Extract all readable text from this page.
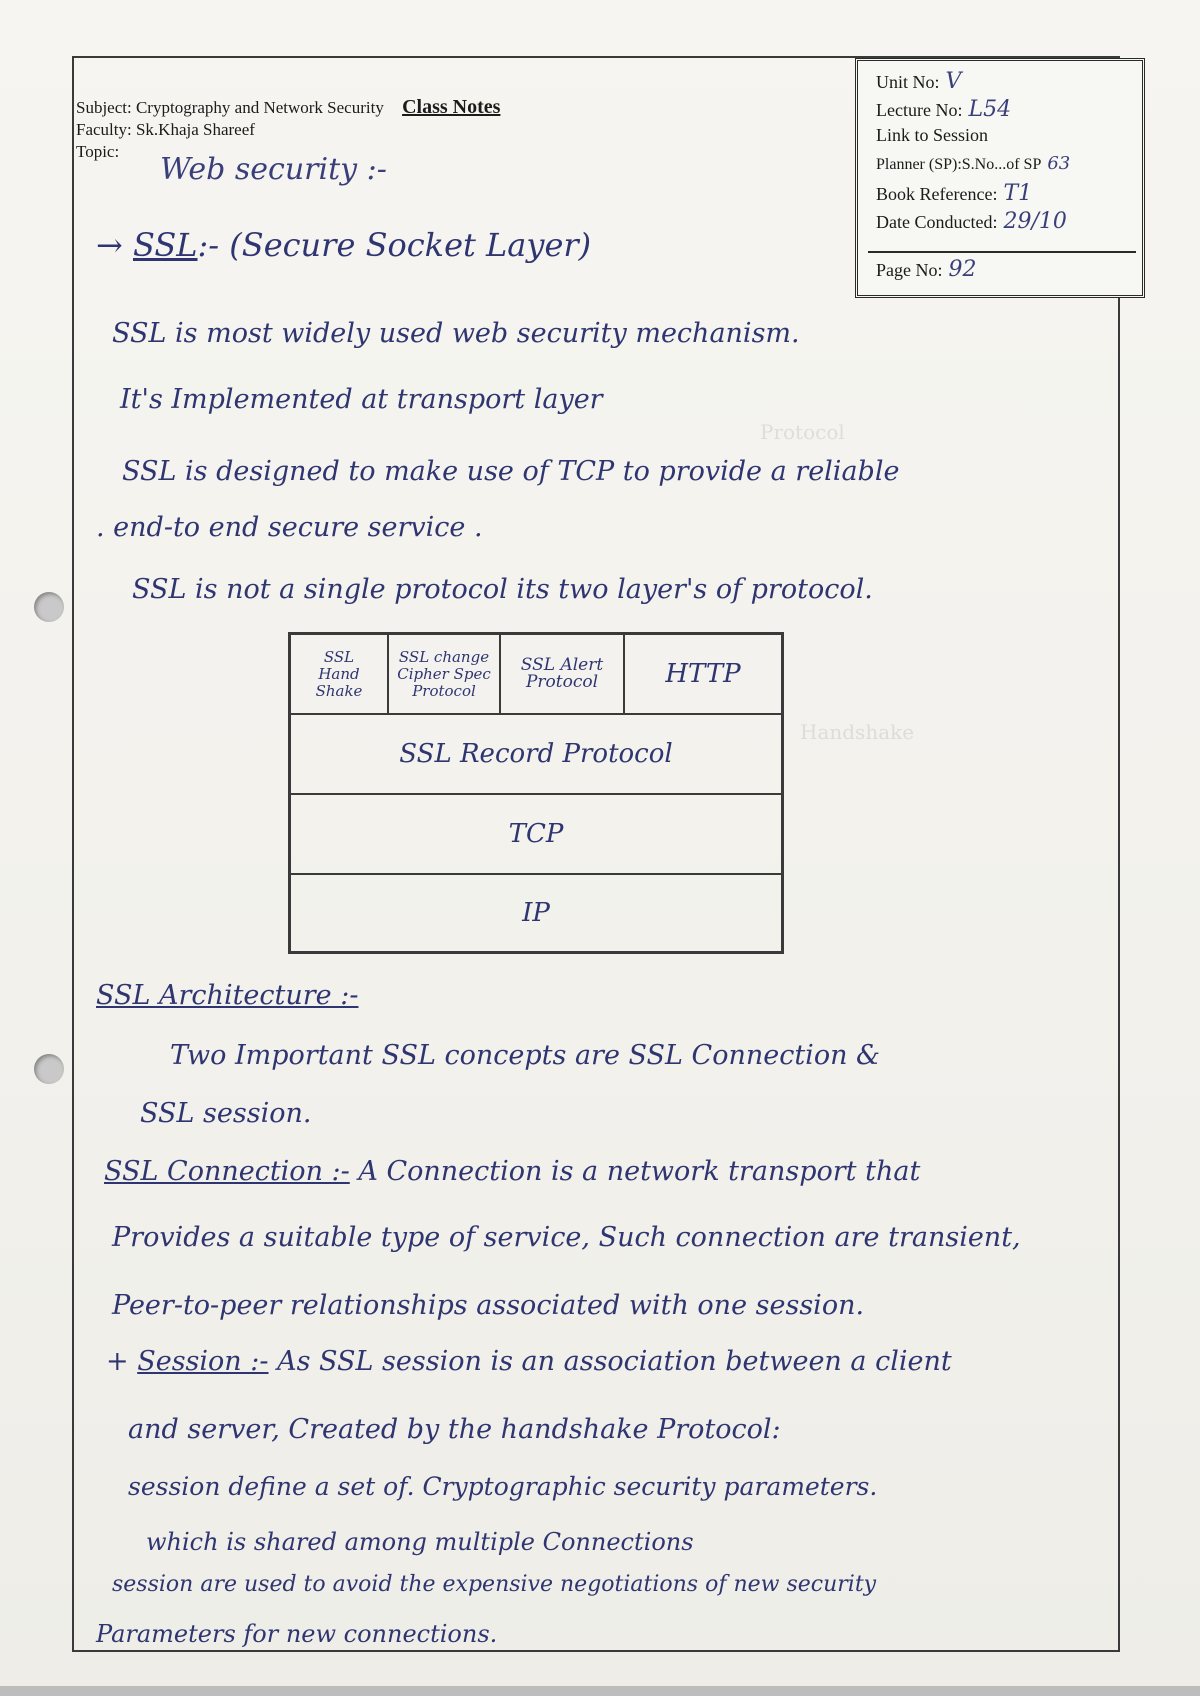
Protocol
Handshake
Subject: Cryptography and Network Security Class Notes
Faculty: Sk.Khaja Shareef
Topic:
Web security :-
Unit No: V
Lecture No: L54
Link to Session
Planner (SP):S.No...of SP 63
Book Reference: T1
Date Conducted: 29/10
Page No: 92
→ SSL:- (Secure Socket Layer)
SSL is most widely used web security mechanism.
It's Implemented at transport layer
SSL is designed to make use of TCP to provide a reliable
. end-to end secure service .
SSL is not a single protocol its two layer's of protocol.
SSL
Hand
Shake
SSL change
Cipher Spec
Protocol
SSL Alert
Protocol	HTTP
SSL Record Protocol
TCP
IP
SSL Architecture :-
Two Important SSL concepts are SSL Connection &
SSL session.
SSL Connection :- A Connection is a network transport that
Provides a suitable type of service, Such connection are transient,
Peer-to-peer relationships associated with one session.
+ Session :- As SSL session is an association between a client
and server, Created by the handshake Protocol:
session define a set of. Cryptographic security parameters.
which is shared among multiple Connections
session are used to avoid the expensive negotiations of new security
Parameters for new connections.
